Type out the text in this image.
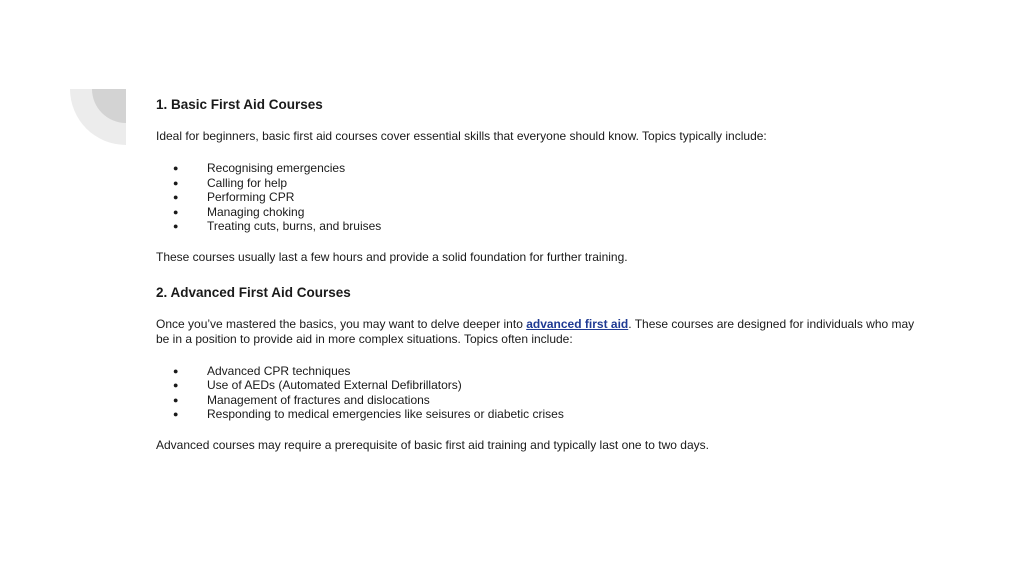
1. Basic First Aid Courses

Ideal for beginners, basic first aid courses cover essential skills that everyone should know. Topics typically include:

●	Recognising emergencies
●	Calling for help
●	Performing CPR
●	Managing choking
●	Treating cuts, burns, and bruises

These courses usually last a few hours and provide a solid foundation for further training.

2. Advanced First Aid Courses

Once you’ve mastered the basics, you may want to delve deeper into advanced first aid. These courses are designed for individuals who may be in a position to provide aid in more complex situations. Topics often include:

●	Advanced CPR techniques
●	Use of AEDs (Automated External Defibrillators)
●	Management of fractures and dislocations
●	Responding to medical emergencies like seisures or diabetic crises

Advanced courses may require a prerequisite of basic first aid training and typically last one to two days.
